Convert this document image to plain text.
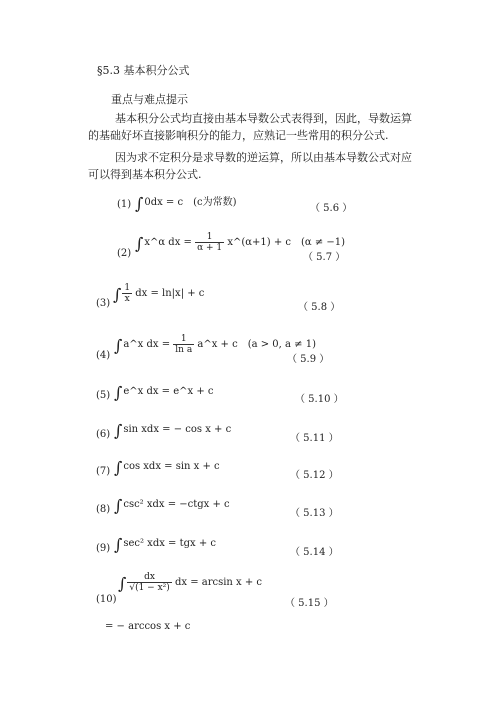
§5.3 基本积分公式
重点与难点提示
基本积分公式均直接由基本导数公式表得到，因此，导数运算的基础好坏直接影响积分的能力，应熟记一些常用的积分公式.
因为求不定积分是求导数的逆运算，所以由基本导数公式对应可以得到基本积分公式.
(1) ∫0dx = c　(c为常数)
（ 5.6 ）
(2)
∫x^α dx = $\frac{1}{\alpha + 1}$ x^(α+1) + c　(α ≠ −1)
（ 5.7 ）
(3) ∫ $\frac{1}{x}$ dx = ln|x| + c
（ 5.8 ）
(4)
∫a^x dx = $\frac{1}{\text{ln a}}$ a^x + c　(a > 0, a ≠ 1)
（ 5.9 ）
(5) ∫e^x dx = e^x + c
（ 5.10 ）
(6) ∫sin xdx = − cos x + c
（ 5.11 ）
(7) ∫cos xdx = sin x + c
（ 5.12 ）
(8) ∫csc² xdx = −ctgx + c
（ 5.13 ）
(9) ∫sec² xdx = tgx + c
（ 5.14 ）
(10)
∫ $\frac{dx}{\text{√(1 − x²)}}$ dx = arcsin x + c
（ 5.15 ）
= − arccos x + c
